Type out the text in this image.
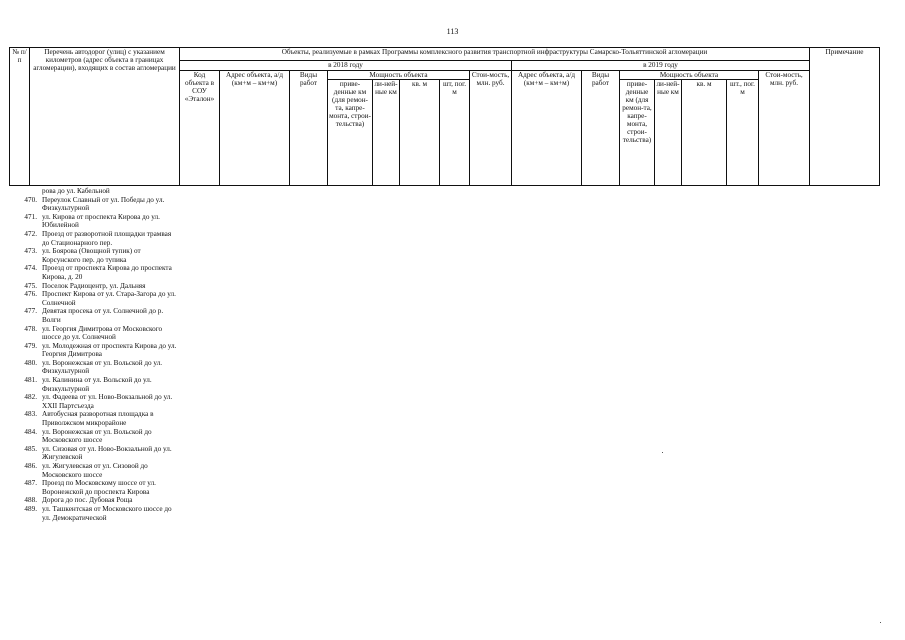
113
№ п/п	Перечень автодорог (улиц) с указанием километров (адрес объекта в границах агломерации), входящих в состав агломерации	Объекты, реализуемые в рамках Программы комплексного развития транспортной инфраструктуры Самарско-Тольяттинской агломерации															Примечание
		в 2018 году								в 2019 году							
		Код объекта в СОУ «Эталон»	Адрес объекта, а/д (км+м – км+м)	Виды работ	Мощность объекта				Стои-мость, млн. руб.	Адрес объекта, а/д (км+м – км+м)	Виды работ	Мощность объекта				Стои-мость, млн. руб.	
					приве-денные км (для ремон-та, капре-монта, строи-тельства)	ли-ней-ные км	кв. м	шт, пог. м				приве-денные км (для ремон-та, капре-монта, строи-тельства)	ли-ней-ные км	кв. м	шт., пог. м		
рова до ул. Кабельной
470. Переулок Славный от ул. Победы до ул. Физкультурной
471. ул. Кирова от проспекта Кирова до ул. Юбилейной
472. Проезд от разворотной площадки трамвая до Стационарного пер.
473. ул. Боярова (Овощной тупик) от Корсунского пер. до тупика
474. Проезд от проспекта Кирова до проспекта Кирова, д. 20
475. Поселок Радиоцентр, ул. Дальняя
476. Проспект Кирова от ул. Стара-Загора до ул. Солнечной
477. Девятая просека от ул. Солнечной до р. Волги
478. ул. Георгия Димитрова от Московского шоссе до ул. Солнечной
479. ул. Молодежная от проспекта Кирова до ул. Георгия Димитрова
480. ул. Воронежская от ул. Вольской до ул. Физкультурной
481. ул. Калинина от ул. Вольской до ул. Физкультурной
482. ул. Фадеева от ул. Ново-Вокзальной до ул. XXII Партсъезда
483. Автобусная разворотная площадка в Приволжском микрорайоне
484. ул. Воронежская от ул. Вольской до Московского шоссе
485. ул. Сизовая от ул. Ново-Вокзальной до ул. Жигулевской
486. ул. Жигулевская от ул. Сизовой до Московского шоссе
487. Проезд по Московскому шоссе от ул. Воронежской до проспекта Кирова
488. Дорога до пос. Дубовая Роща
489. ул. Ташкентская от Московского шоссе до ул. Демократической
